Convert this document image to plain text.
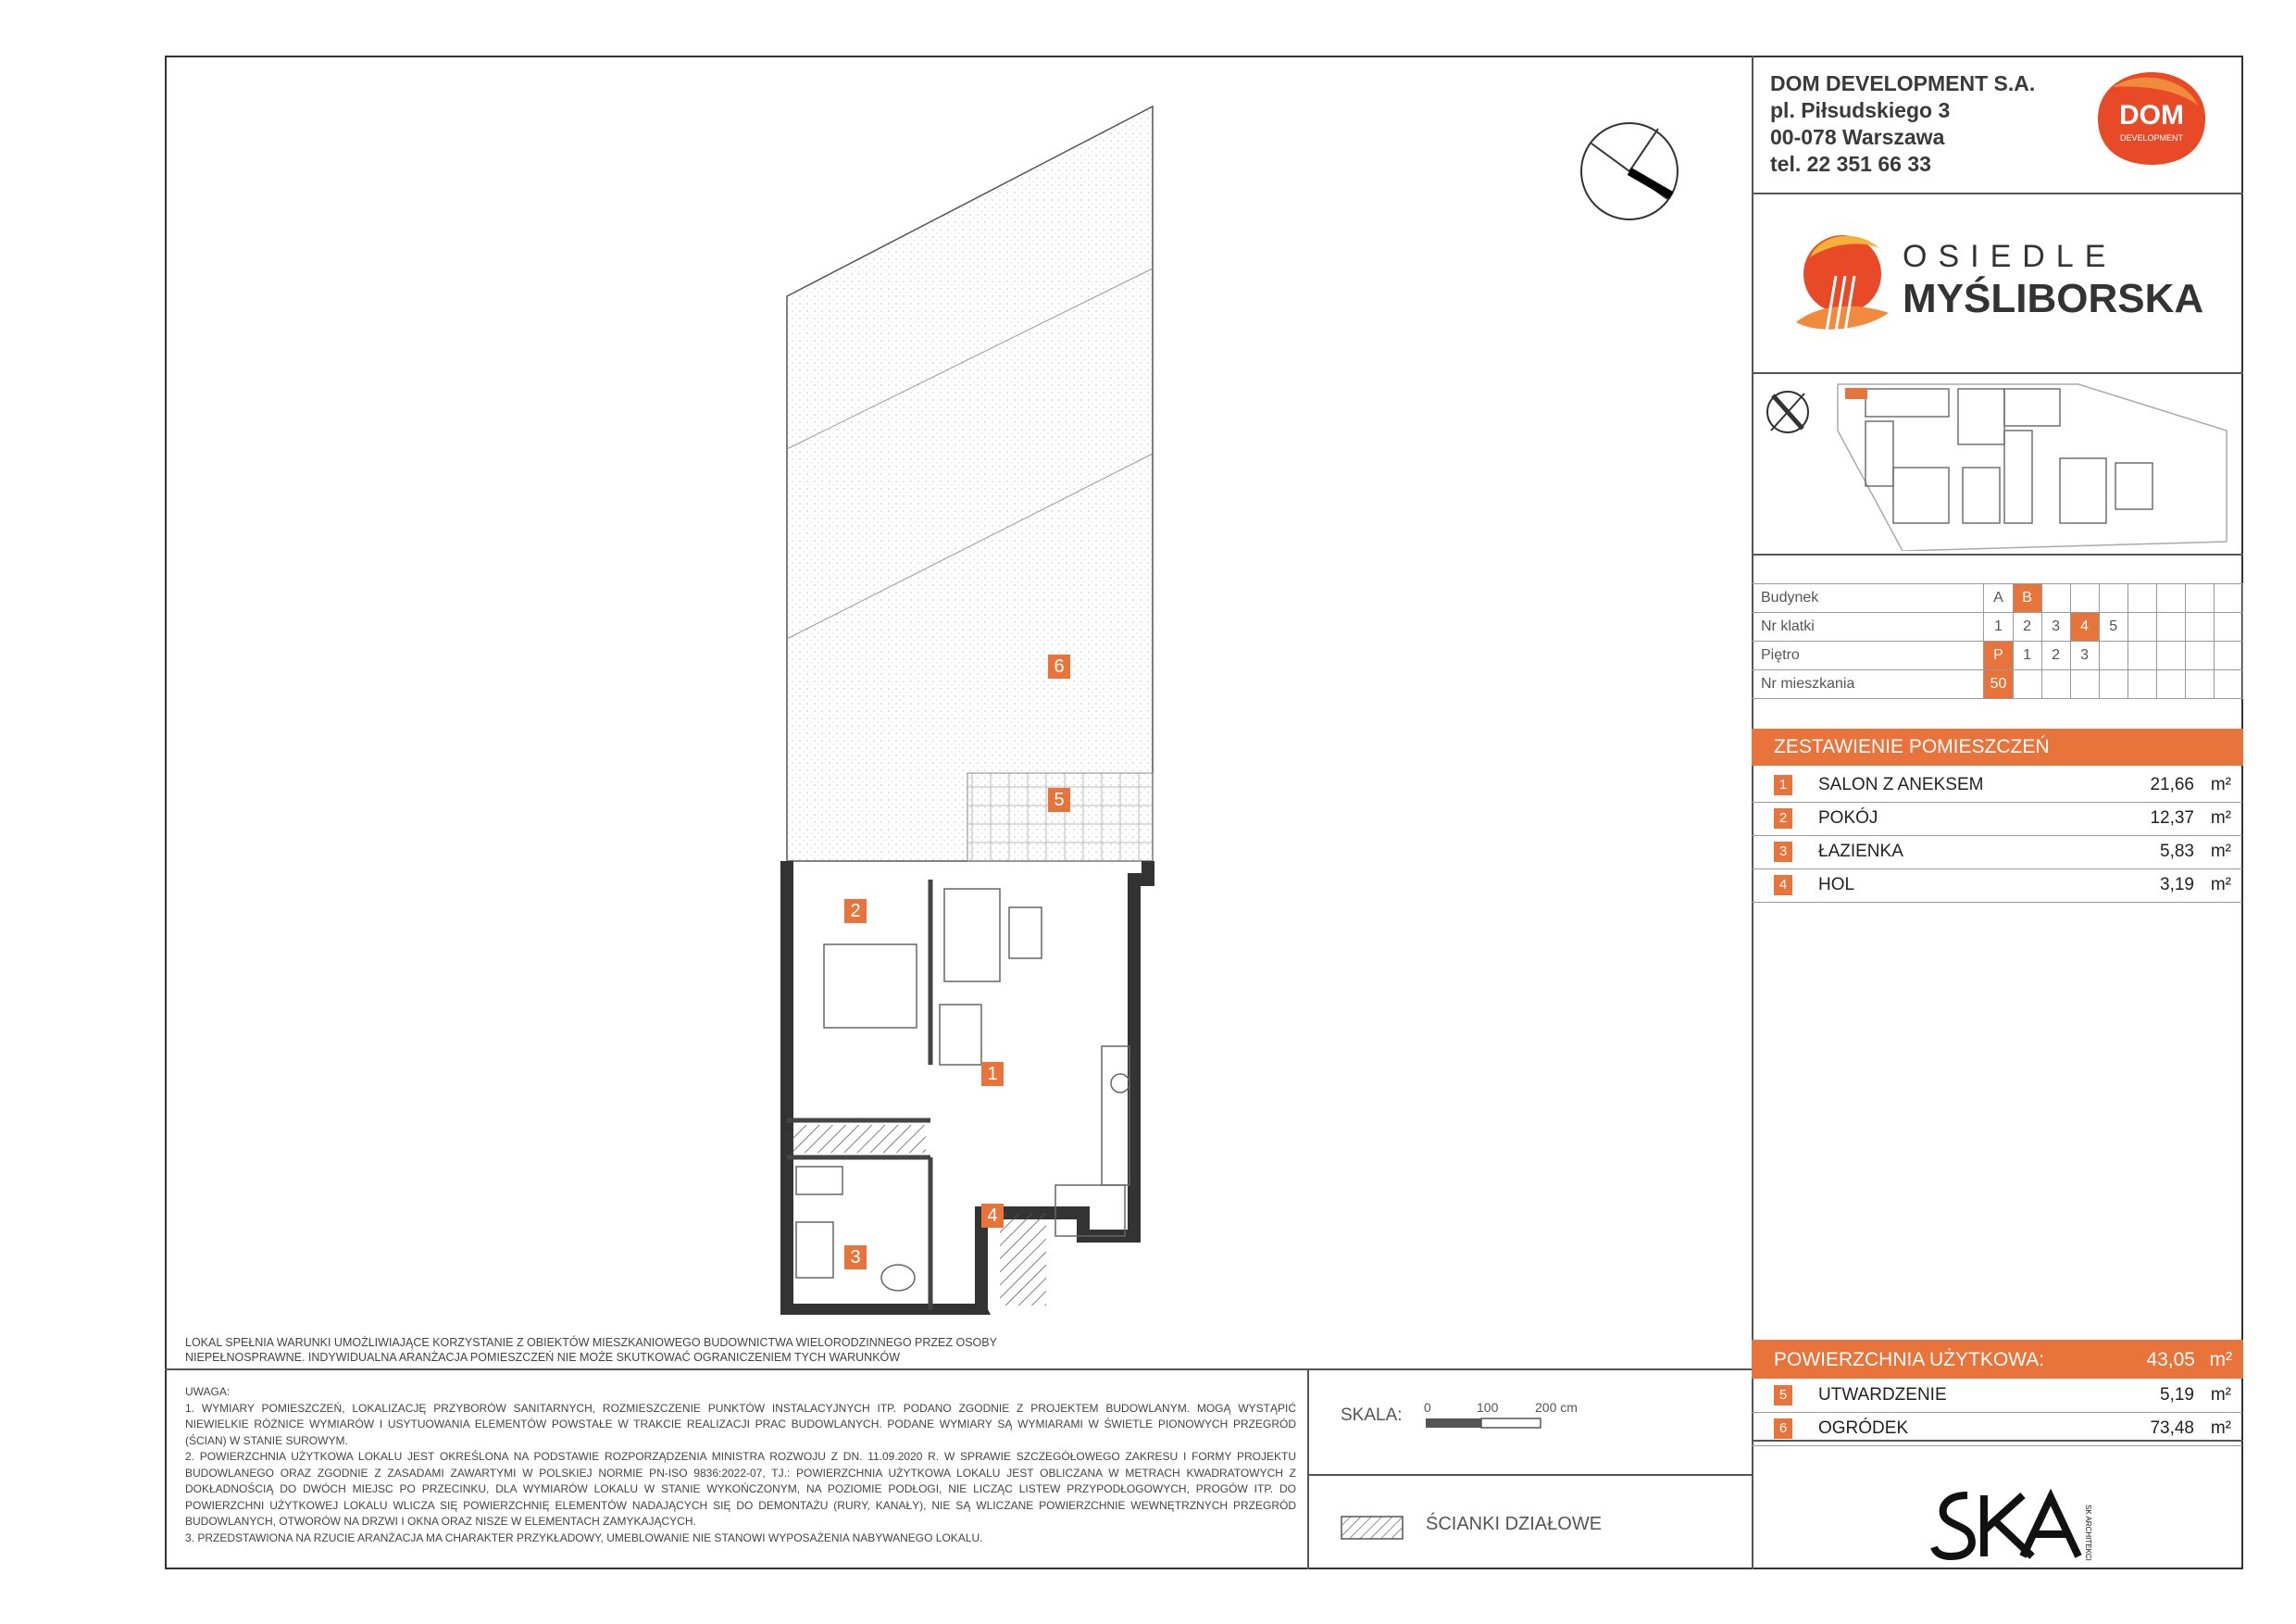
DOM DEVELOPMENT S.A.
pl. Piłsudskiego 3
00-078 Warszawa
tel. 22 351 66 33
DOM
DEVELOPMENT
OSIEDLE
MYŚLIBORSKA
Budynek	A	B							
Nr klatki	1	2	3	4	5				
Piętro	P	1	2	3					
Nr mieszkania	50								
ZESTAWIENIE POMIESZCZEŃ
1	SALON Z ANEKSEM	21,66 m²
2	POKÓJ	12,37 m²
3	ŁAZIENKA	5,83 m²
4	HOL	3,19 m²
POWIERZCHNIA UŻYTKOWA:	43,05 m²
5	UTWARDZENIE	5,19 m²
6	OGRÓDEK	73,48 m²
6
5
2
1
4
3
LOKAL SPEŁNIA WARUNKI UMOŻLIWIAJĄCE KORZYSTANIE Z OBIEKTÓW MIESZKANIOWEGO BUDOWNICTWA WIELORODZINNEGO PRZEZ OSOBY NIEPEŁNOSPRAWNE. INDYWIDUALNA ARANŻACJA POMIESZCZEŃ NIE MOŻE SKUTKOWAĆ OGRANICZENIEM TYCH WARUNKÓW
UWAGA:
1. WYMIARY POMIESZCZEŃ, LOKALIZACJĘ PRZYBORÓW SANITARNYCH, ROZMIESZCZENIE PUNKTÓW INSTALACYJNYCH ITP. PODANO ZGODNIE Z PROJEKTEM BUDOWLANYM. MOGĄ WYSTĄPIĆ NIEWIELKIE RÓŻNICE WYMIARÓW I USYTUOWANIA ELEMENTÓW POWSTAŁE W TRAKCIE REALIZACJI PRAC BUDOWLANYCH. PODANE WYMIARY SĄ WYMIARAMI W ŚWIETLE PIONOWYCH PRZEGRÓD (ŚCIAN) W STANIE SUROWYM.
2. POWIERZCHNIA UŻYTKOWA LOKALU JEST OKREŚLONA NA PODSTAWIE ROZPORZĄDZENIA MINISTRA ROZWOJU Z DN. 11.09.2020 R. W SPRAWIE SZCZEGÓŁOWEGO ZAKRESU I FORMY PROJEKTU BUDOWLANEGO ORAZ ZGODNIE Z ZASADAMI ZAWARTYMI W POLSKIEJ NORMIE PN-ISO 9836:2022-07, TJ.: POWIERZCHNIA UŻYTKOWA LOKALU JEST OBLICZANA W METRACH KWADRATOWYCH Z DOKŁADNOŚCIĄ DO DWÓCH MIEJSC PO PRZECINKU, DLA WYMIARÓW LOKALU W STANIE WYKOŃCZONYM, NA POZIOMIE PODŁOGI, NIE LICZĄC LISTEW PRZYPODŁOGOWYCH, PROGÓW ITP. DO POWIERZCHNI UŻYTKOWEJ LOKALU WLICZA SIĘ POWIERZCHNIĘ ELEMENTÓW NADAJĄCYCH SIĘ DO DEMONTAŻU (RURY, KANAŁY), NIE SĄ WLICZANE POWIERZCHNIE WEWNĘTRZNYCH PRZEGRÓD BUDOWLANYCH, OTWORÓW NA DRZWI I OKNA ORAZ NISZE W ELEMENTACH ZAMYKAJĄCYCH.
3. PRZEDSTAWIONA NA RZUCIE ARANŻACJA MA CHARAKTER PRZYKŁADOWY, UMEBLOWANIE NIE STANOWI WYPOSAŻENIA NABYWANEGO LOKALU.
SKALA: 0	100	200 cm
ŚCIANKI DZIAŁOWE	SK ARCHITEKCI
